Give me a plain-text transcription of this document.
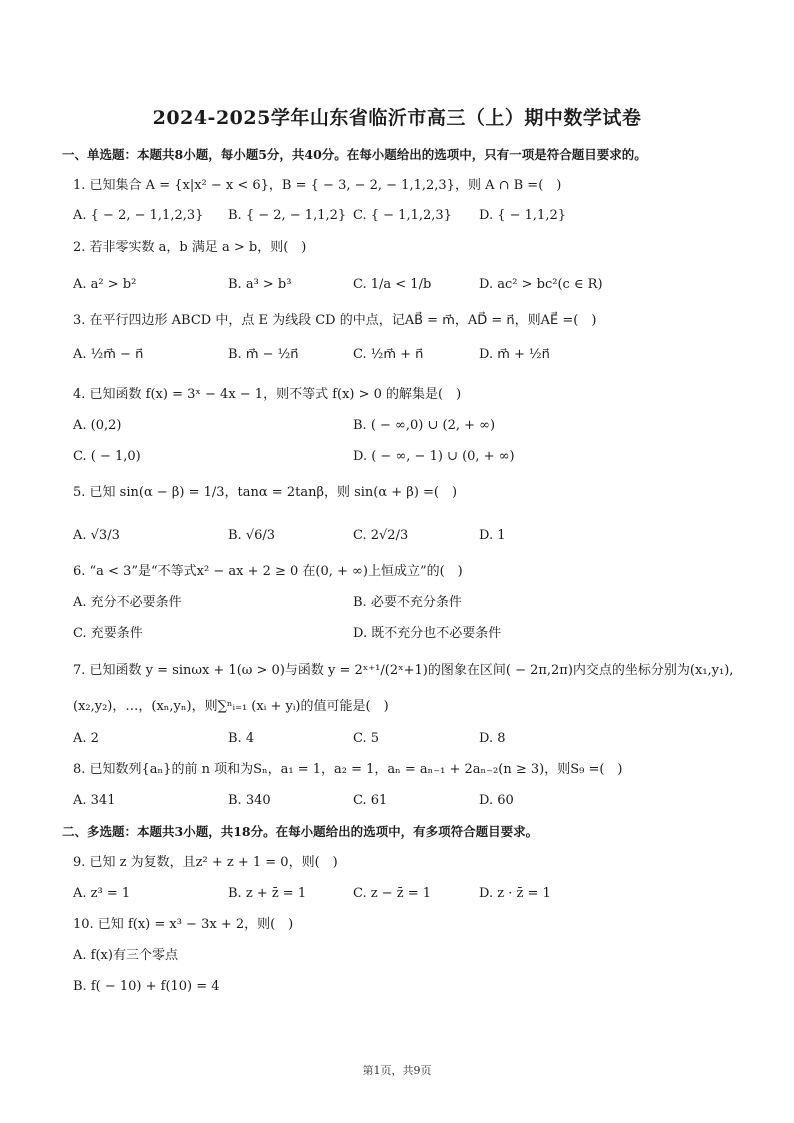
2024-2025学年山东省临沂市高三（上）期中数学试卷
一、单选题：本题共8小题，每小题5分，共40分。在每小题给出的选项中，只有一项是符合题目要求的。
1. 已知集合 A = {x|x² − x < 6}，B = { − 3, − 2, − 1,1,2,3}，则 A ∩ B =(　)
A. { − 2, − 1,1,2,3} B. { − 2, − 1,1,2} C. { − 1,1,2,3} D. { − 1,1,2}
2. 若非零实数 a，b 满足 a > b，则(　)
A. a² > b²	B. a³ > b³	C. 1/a < 1/b	D. ac² > bc²(c ∈ R)
3. 在平行四边形 ABCD 中，点 E 为线段 CD 的中点，记AB⃗ = m⃗，AD⃗ = n⃗，则AE⃗ =(　)
A. ½m⃗ − n⃗	B. m⃗ − ½n⃗	C. ½m⃗ + n⃗	D. m⃗ + ½n⃗
4. 已知函数 f(x) = 3ˣ − 4x − 1，则不等式 f(x) > 0 的解集是(　)
A. (0,2)	B. ( − ∞,0) ∪ (2, + ∞)
C. ( − 1,0)	D. ( − ∞, − 1) ∪ (0, + ∞)
5. 已知 sin(α − β) = 1/3，tanα = 2tanβ，则 sin(α + β) =(　)
A. √3/3	B. √6/3	C. 2√2/3	D. 1
6. “a < 3”是“不等式x² − ax + 2 ≥ 0 在(0, + ∞)上恒成立”的(　)
A. 充分不必要条件	B. 必要不充分条件
C. 充要条件	D. 既不充分也不必要条件
7. 已知函数 y = sinωx + 1(ω > 0)与函数 y = 2ˣ⁺¹/(2ˣ+1)的图象在区间( − 2π,2π)内交点的坐标分别为(x₁,y₁),
(x₂,y₂)，…，(xₙ,yₙ)，则∑ⁿᵢ₌₁ (xᵢ + yᵢ)的值可能是(　)
A. 2	B. 4	C. 5	D. 8
8. 已知数列{aₙ}的前 n 项和为Sₙ，a₁ = 1，a₂ = 1，aₙ = aₙ₋₁ + 2aₙ₋₂(n ≥ 3)，则S₉ =(　)
A. 341	B. 340	C. 61	D. 60
二、多选题：本题共3小题，共18分。在每小题给出的选项中，有多项符合题目要求。
9. 已知 z 为复数，且z² + z + 1 = 0，则(　)
A. z³ = 1	B. z + z̄ = 1	C. z − z̄ = 1	D. z · z̄ = 1
10. 已知 f(x) = x³ − 3x + 2，则(　)
A. f(x)有三个零点
B. f( − 10) + f(10) = 4
第1页，共9页
